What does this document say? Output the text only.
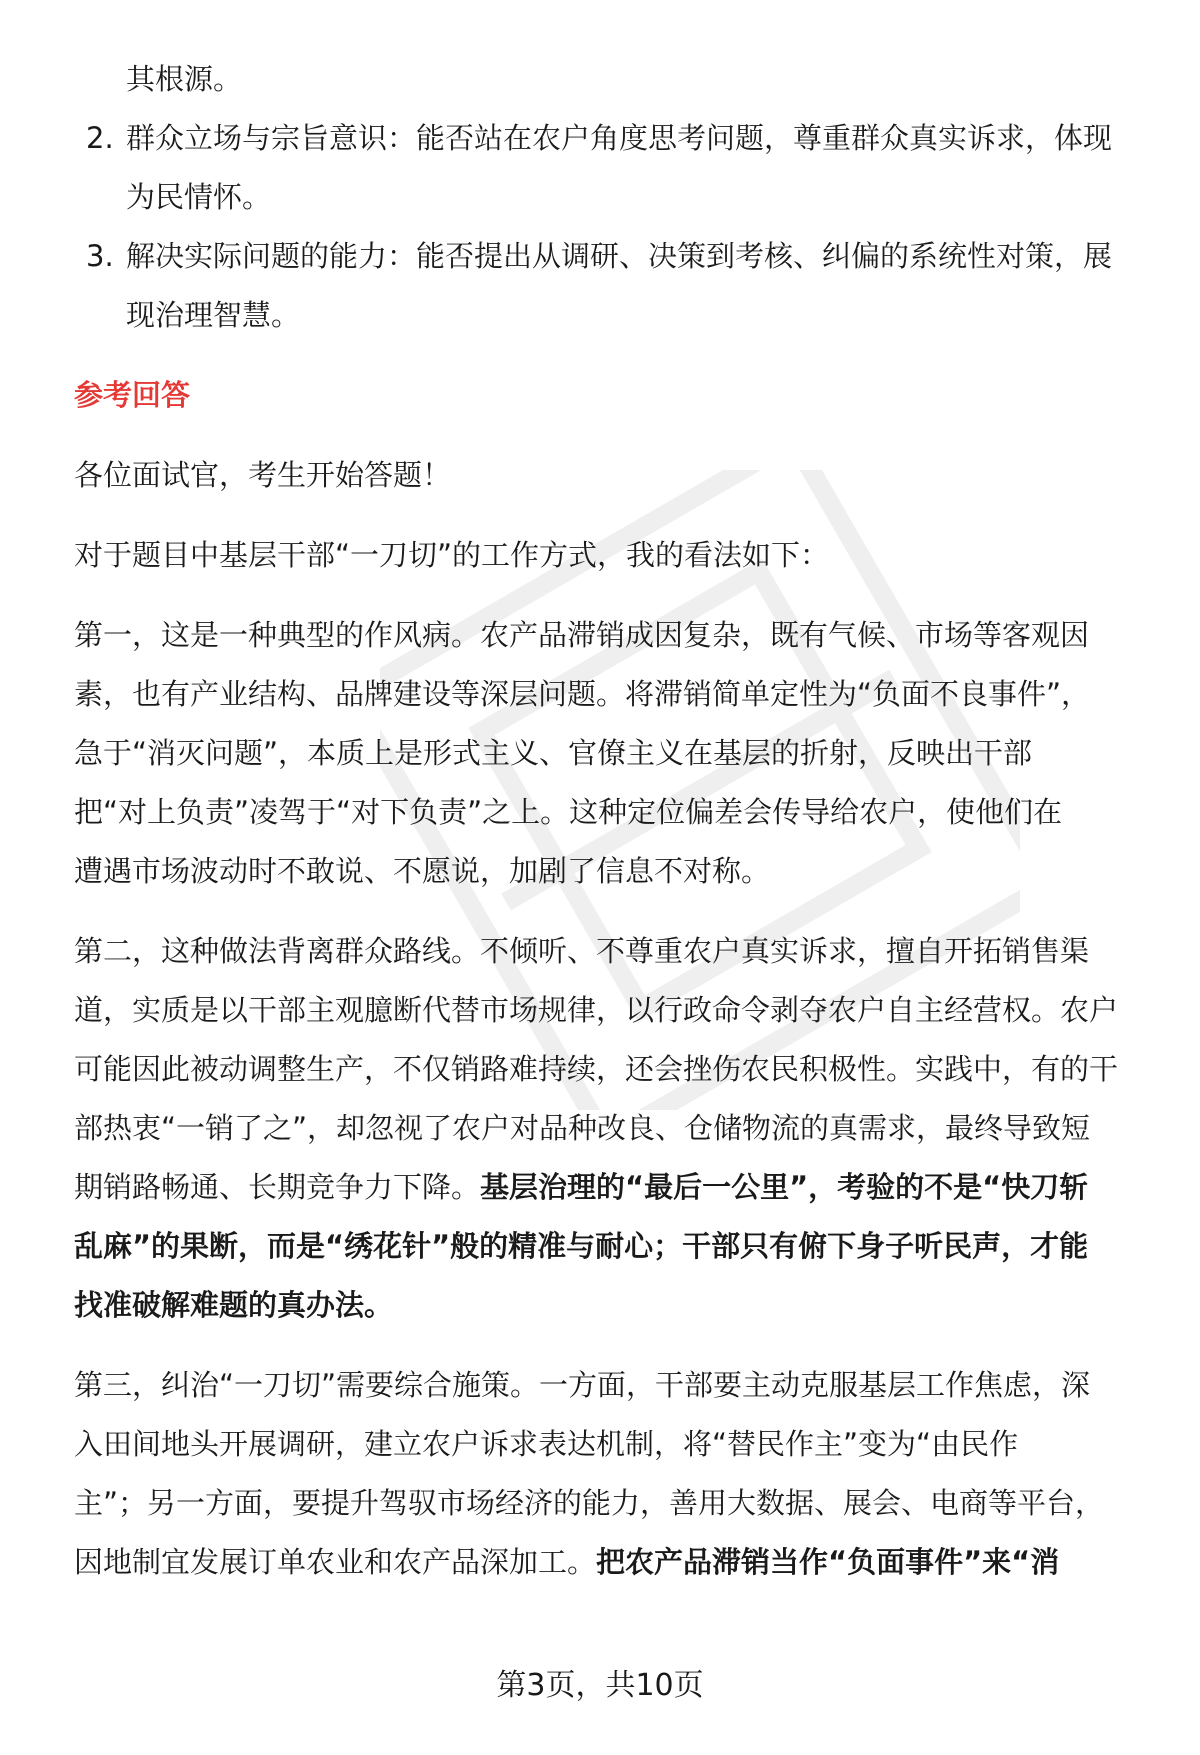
其根源。

2. 群众立场与宗旨意识：能否站在农户角度思考问题，尊重群众真实诉求，体现
为民情怀。
3. 解决实际问题的能力：能否提出从调研、决策到考核、纠偏的系统性对策，展
现治理智慧。

参考回答

各位面试官，考生开始答题！

对于题目中基层干部“一刀切”的工作方式，我的看法如下：

第一，这是一种典型的作风病。农产品滞销成因复杂，既有气候、市场等客观因
素，也有产业结构、品牌建设等深层问题。将滞销简单定性为“负面不良事件”，
急于“消灭问题”，本质上是形式主义、官僚主义在基层的折射，反映出干部
把“对上负责”凌驾于“对下负责”之上。这种定位偏差会传导给农户，使他们在
遭遇市场波动时不敢说、不愿说，加剧了信息不对称。
第二，这种做法背离群众路线。不倾听、不尊重农户真实诉求，擅自开拓销售渠
道，实质是以干部主观臆断代替市场规律，以行政命令剥夺农户自主经营权。农户
可能因此被动调整生产，不仅销路难持续，还会挫伤农民积极性。实践中，有的干
部热衷“一销了之”，却忽视了农户对品种改良、仓储物流的真需求，最终导致短
期销路畅通、长期竞争力下降。基层治理的“最后一公里”，考验的不是“快刀斩
乱麻”的果断，而是“绣花针”般的精准与耐心；干部只有俯下身子听民声，才能
找准破解难题的真办法。
第三，纠治“一刀切”需要综合施策。一方面，干部要主动克服基层工作焦虑，深
入田间地头开展调研，建立农户诉求表达机制，将“替民作主”变为“由民作
主”；另一方面，要提升驾驭市场经济的能力，善用大数据、展会、电商等平台，
因地制宜发展订单农业和农产品深加工。把农产品滞销当作“负面事件”来“消
第3页，共10页
